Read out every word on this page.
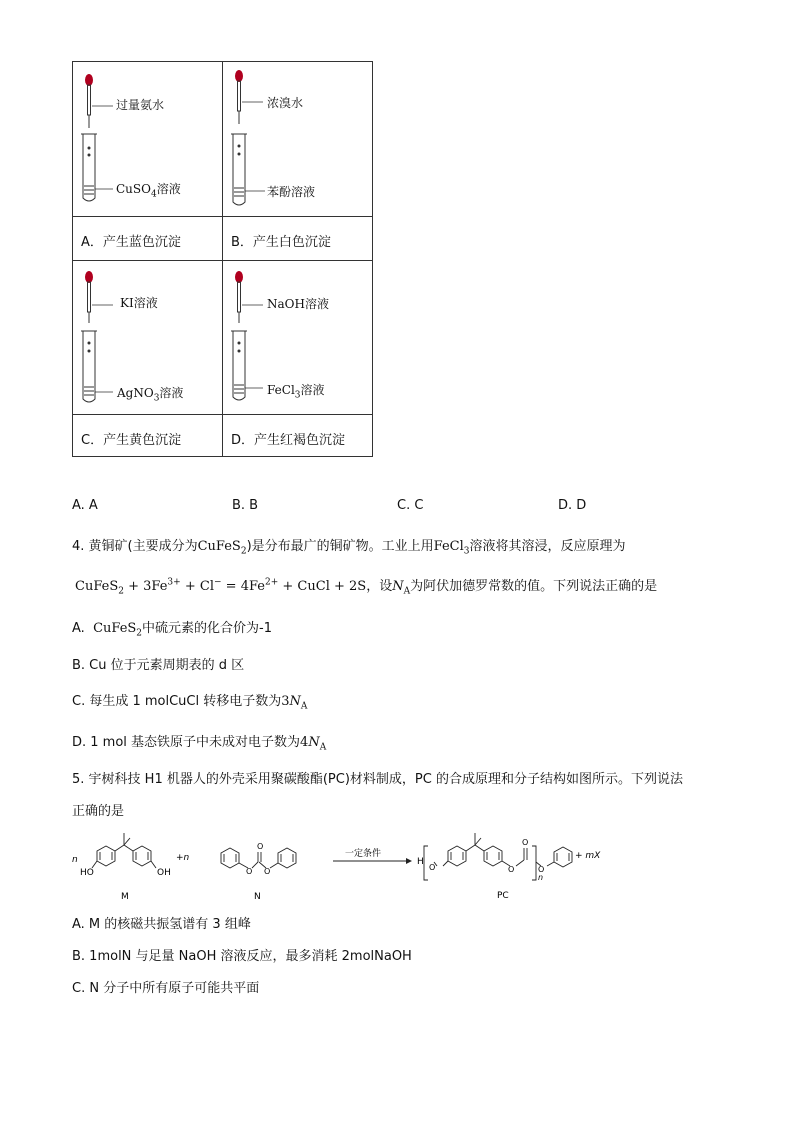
过量氨水
CuSO$_4$溶液
浓溴水
苯酚溶液
A．产生蓝色沉淀	B．产生白色沉淀
KI溶液
AgNO$_3$溶液
NaOH溶液
FeCl$_3$溶液
C．产生黄色沉淀	D．产生红褐色沉淀
A. A	B. B	C. C	D. D
4. 黄铜矿(主要成分为CuFeS$_2$)是分布最广的铜矿物。工业上用FeCl$_3$溶液将其溶浸，反应原理为
CuFeS$_2$ + $3Fe^{3+} + Cl^- = 4Fe^{2+}$ + CuCl + 2S，设$N_A$为阿伏加德罗常数的值。下列说法正确的是
A. CuFeS$_2$中硫元素的化合价为-1
B. Cu 位于元素周期表的 d 区
C. 每生成 1 molCuCl 转移电子数为$3N_A$
D. 1 mol 基态铁原子中未成对电子数为$4N_A$
5. 宇树科技 H1 机器人的外壳采用聚碳酸酯(PC)材料制成，PC 的合成原理和分子结构如图所示。下列说法
正确的是
n
HO	OH
M
+n
O
O
O
N
一定条件
H
O	O
O
O
n
+ mX
PC
A. M 的核磁共振氢谱有 3 组峰
B. 1molN 与足量 NaOH 溶液反应，最多消耗 2molNaOH
C. N 分子中所有原子可能共平面
